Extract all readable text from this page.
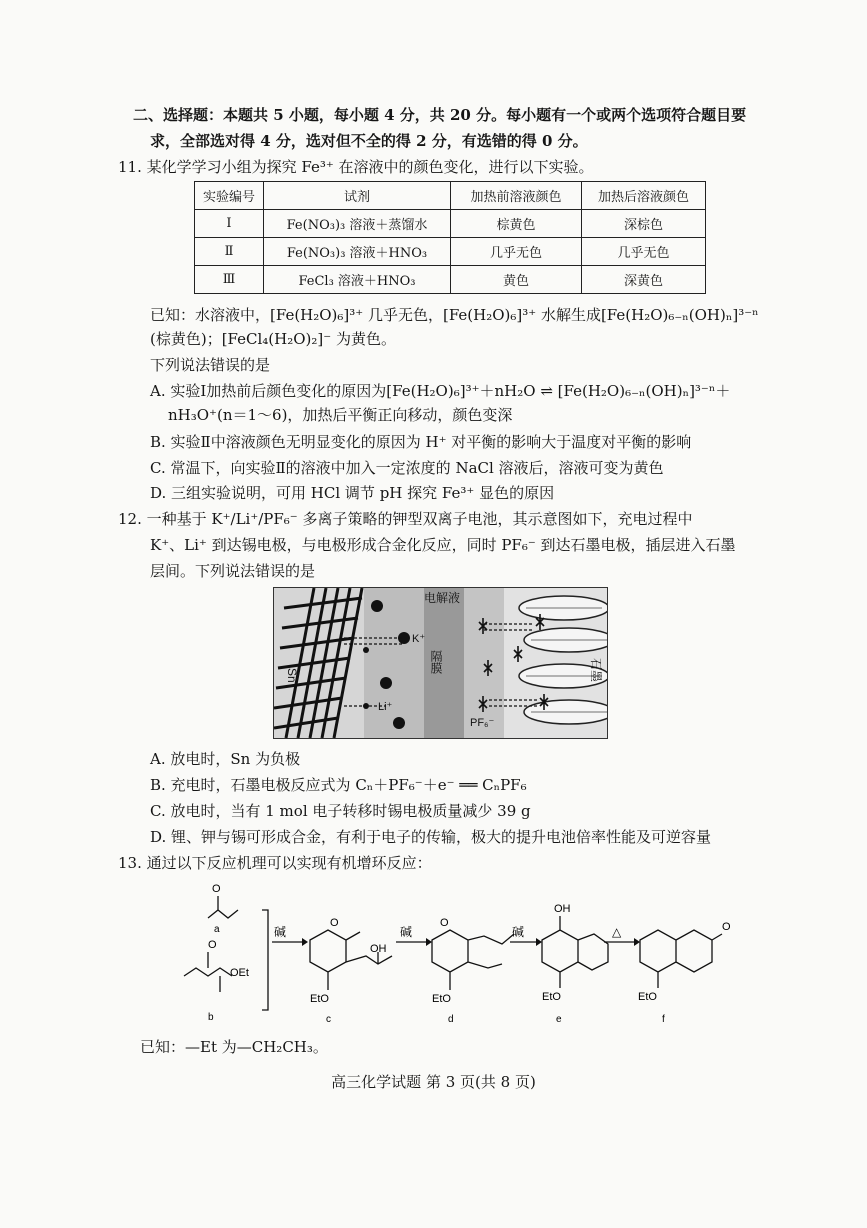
二、选择题：本题共 5 小题，每小题 4 分，共 20 分。每小题有一个或两个选项符合题目要
求，全部选对得 4 分，选对但不全的得 2 分，有选错的得 0 分。
11. 某化学学习小组为探究 Fe³⁺ 在溶液中的颜色变化，进行以下实验。
实验编号	试剂	加热前溶液颜色	加热后溶液颜色
Ⅰ	Fe(NO₃)₃ 溶液＋蒸馏水	棕黄色	深棕色
Ⅱ	Fe(NO₃)₃ 溶液＋HNO₃	几乎无色	几乎无色
Ⅲ	FeCl₃ 溶液＋HNO₃	黄色	深黄色
已知：水溶液中，[Fe(H₂O)₆]³⁺ 几乎无色，[Fe(H₂O)₆]³⁺ 水解生成[Fe(H₂O)₆₋ₙ(OH)ₙ]³⁻ⁿ
(棕黄色)；[FeCl₄(H₂O)₂]⁻ 为黄色。
下列说法错误的是
A. 实验Ⅰ加热前后颜色变化的原因为[Fe(H₂O)₆]³⁺＋nH₂O ⇌ [Fe(H₂O)₆₋ₙ(OH)ₙ]³⁻ⁿ＋
nH₃O⁺(n＝1～6)，加热后平衡正向移动，颜色变深
B. 实验Ⅱ中溶液颜色无明显变化的原因为 H⁺ 对平衡的影响大于温度对平衡的影响
C. 常温下，向实验Ⅱ的溶液中加入一定浓度的 NaCl 溶液后，溶液可变为黄色
D. 三组实验说明，可用 HCl 调节 pH 探究 Fe³⁺ 显色的原因
12. 一种基于 K⁺/Li⁺/PF₆⁻ 多离子策略的钾型双离子电池，其示意图如下，充电过程中
K⁺、Li⁺ 到达锡电极，与电极形成合金化反应，同时 PF₆⁻ 到达石墨电极，插层进入石墨
层间。下列说法错误的是
Sn
电解液
隔膜	石墨
K⁺
Li⁺
PF₆⁻
A. 放电时，Sn 为负极
B. 充电时，石墨电极反应式为 Cₙ＋PF₆⁻＋e⁻ ══ CₙPF₆
C. 放电时，当有 1 mol 电子转移时锡电极质量减少 39 g
D. 锂、钾与锡可形成合金，有利于电子的传输，极大的提升电池倍率性能及可逆容量
13. 通过以下反应机理可以实现有机增环反应：
O
O
OEt
O
OH
EtO
O
EtO
OH
EtO	EtO
O
碱	碱	碱	△
a
b	c	d	e	f
已知：—Et 为—CH₂CH₃。
高三化学试题 第 3 页(共 8 页)
